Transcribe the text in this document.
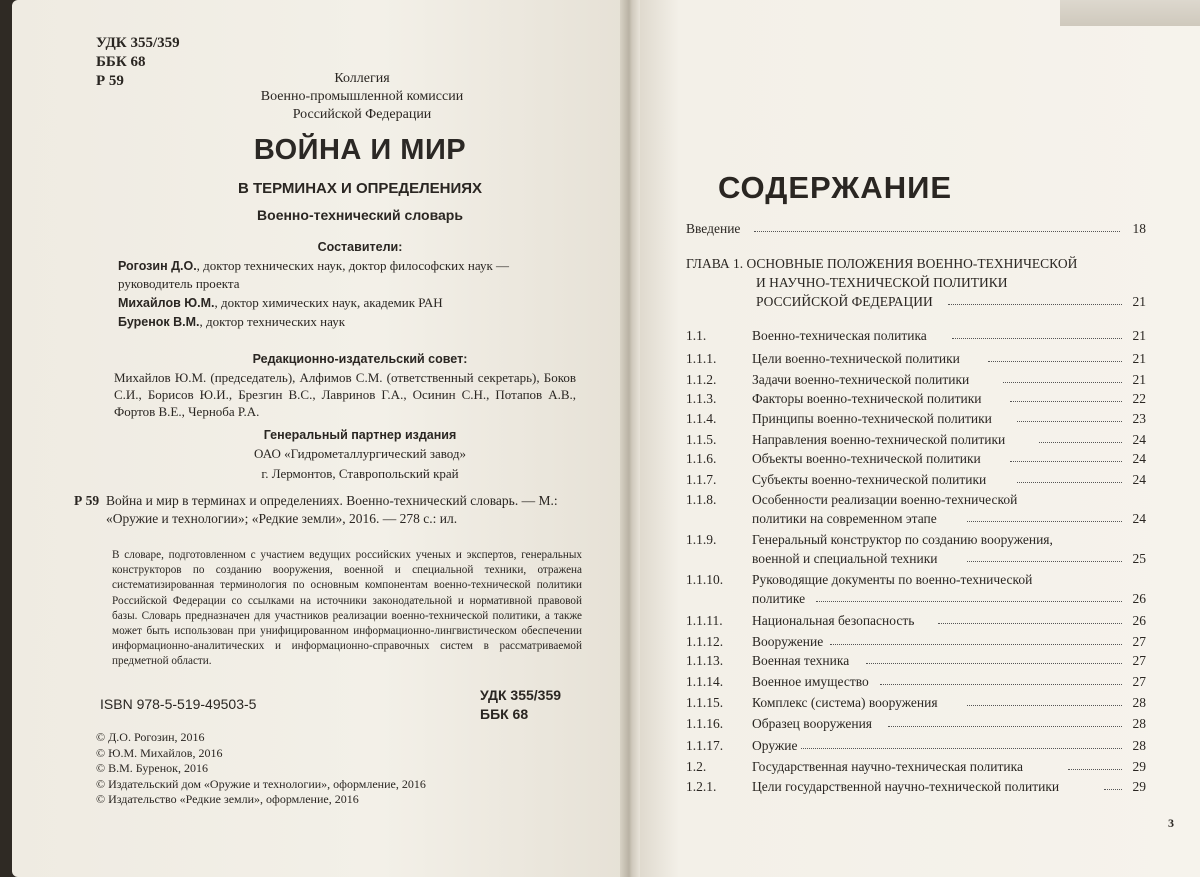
УДК 355/359
ББК 68
Р 59	Коллегия
Военно-промышленной комиссии
Российской Федерации
ВОЙНА И МИР
В ТЕРМИНАХ И ОПРЕДЕЛЕНИЯХ
Военно-технический словарь
Составители:
Рогозин Д.О., доктор технических наук, доктор философских наук —
руководитель проекта
Михайлов Ю.М., доктор химических наук, академик РАН
Буренок В.М., доктор технических наук
Редакционно-издательский совет:
Михайлов Ю.М. (председатель), Алфимов С.М. (ответственный секретарь), Боков С.И., Борисов Ю.И., Брезгин В.С., Лавринов Г.А., Осинин С.Н., Потапов А.В., Фортов В.Е., Черноба Р.А.
Генеральный партнер издания
ОАО «Гидрометаллургический завод»
г. Лермонтов, Ставропольский край
Р 59 Война и мир в терминах и определениях. Военно-технический словарь. — М.:
«Оружие и технологии»; «Редкие земли», 2016. — 278 с.: ил.
В словаре, подготовленном с участием ведущих российских ученых и экспертов, генеральных конструкторов по созданию вооружения, военной и специальной техники, отражена систематизированная терминология по основным компонентам военно-технической политики Российской Федерации со ссылками на источники законодательной и нормативной правовой базы. Словарь предназначен для участников реализации военно-технической политики, а также может быть использован при унифицированном информационно-лингвистическом обеспечении информационно-аналитических и информационно-справочных систем в рассматриваемой предметной области.
ISBN 978-5-519-49503-5
УДК 355/359
ББК 68
© Д.О. Рогозин, 2016
© Ю.М. Михайлов, 2016
© В.М. Буренок, 2016
© Издательский дом «Оружие и технологии», оформление, 2016
© Издательство «Редкие земли», оформление, 2016
СОДЕРЖАНИЕ
Введение	18
ГЛАВА 1. ОСНОВНЫЕ ПОЛОЖЕНИЯ ВОЕННО-ТЕХНИЧЕСКОЙ
И НАУЧНО-ТЕХНИЧЕСКОЙ ПОЛИТИКИ
РОССИЙСКОЙ ФЕДЕРАЦИИ	21
1.1.	Военно-техническая политика	21
1.1.1.	Цели военно-технической политики	21
1.1.2.	Задачи военно-технической политики	21
1.1.3.	Факторы военно-технической политики	22
1.1.4.	Принципы военно-технической политики	23
1.1.5.	Направления военно-технической политики	24
1.1.6.	Объекты военно-технической политики	24
1.1.7.	Субъекты военно-технической политики	24
1.1.8.	Особенности реализации военно-технической
политики на современном этапе	24
1.1.9.	Генеральный конструктор по созданию вооружения,
военной и специальной техники	25
1.1.10. Руководящие документы по военно-технической
политике	26
1.1.11. Национальная безопасность	26
1.1.12. Вооружение	27
1.1.13. Военная техника	27
1.1.14. Военное имущество	27
1.1.15. Комплекс (система) вооружения	28
1.1.16. Образец вооружения	28
1.1.17. Оружие	28
1.2.	Государственная научно-техническая политика	29
1.2.1.	Цели государственной научно-технической политики	29
3
